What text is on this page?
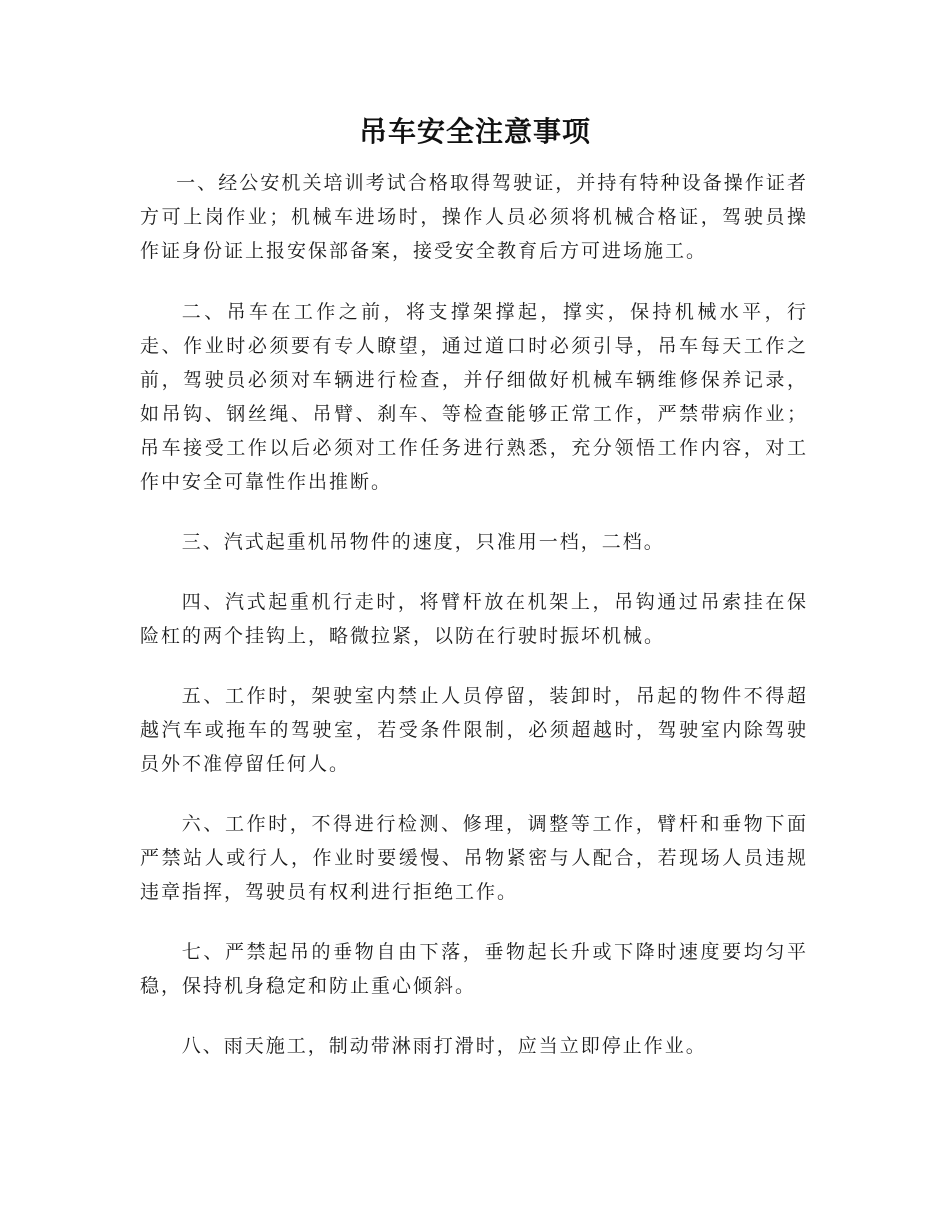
吊车安全注意事项

一、经公安机关培训考试合格取得驾驶证，并持有特种设备操作证者方可上岗作业；机械车进场时，操作人员必须将机械合格证，驾驶员操作证身份证上报安保部备案，接受安全教育后方可进场施工。

二、吊车在工作之前，将支撑架撑起，撑实，保持机械水平，行走、作业时必须要有专人瞭望，通过道口时必须引导，吊车每天工作之前，驾驶员必须对车辆进行检查，并仔细做好机械车辆维修保养记录，如吊钩、钢丝绳、吊臂、刹车、等检查能够正常工作，严禁带病作业；吊车接受工作以后必须对工作任务进行熟悉，充分领悟工作内容，对工作中安全可靠性作出推断。

三、汽式起重机吊物件的速度，只准用一档，二档。

四、汽式起重机行走时，将臂杆放在机架上，吊钩通过吊索挂在保险杠的两个挂钩上，略微拉紧，以防在行驶时振坏机械。

五、工作时，架驶室内禁止人员停留，装卸时，吊起的物件不得超越汽车或拖车的驾驶室，若受条件限制，必须超越时，驾驶室内除驾驶员外不准停留任何人。

六、工作时，不得进行检测、修理，调整等工作，臂杆和垂物下面严禁站人或行人，作业时要缓慢、吊物紧密与人配合，若现场人员违规违章指挥，驾驶员有权利进行拒绝工作。

七、严禁起吊的垂物自由下落，垂物起长升或下降时速度要均匀平稳，保持机身稳定和防止重心倾斜。

八、雨天施工，制动带淋雨打滑时，应当立即停止作业。
